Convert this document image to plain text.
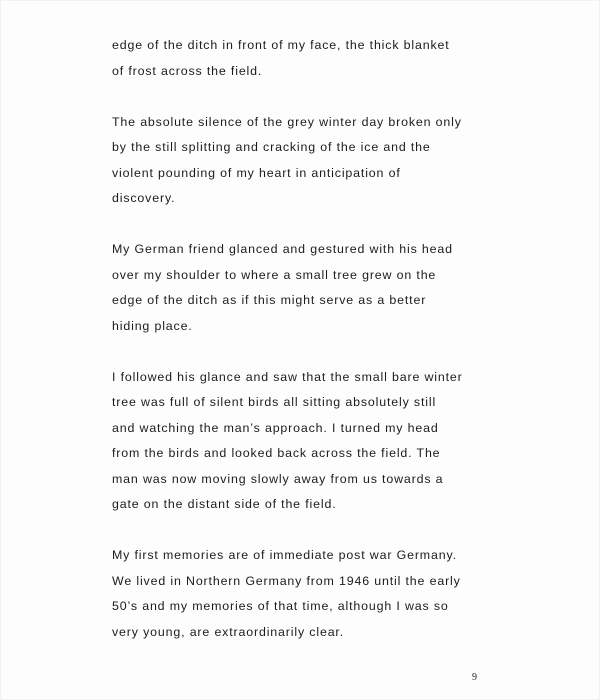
edge of the ditch in front of my face, the thick blanket
of frost across the field.

The absolute silence of the grey winter day broken only
by the still splitting and cracking of the ice and the
violent pounding of my heart in anticipation of
discovery.

My German friend glanced and gestured with his head
over my shoulder to where a small tree grew on the
edge of the ditch as if this might serve as a better
hiding place.

I followed his glance and saw that the small bare winter
tree was full of silent birds all sitting absolutely still
and watching the man’s approach. I turned my head
from the birds and looked back across the field. The
man was now moving slowly away from us towards a
gate on the distant side of the field.

My first memories are of immediate post war Germany.
We lived in Northern Germany from 1946 until the early
50’s and my memories of that time, although I was so
very young, are extraordinarily clear.

9
